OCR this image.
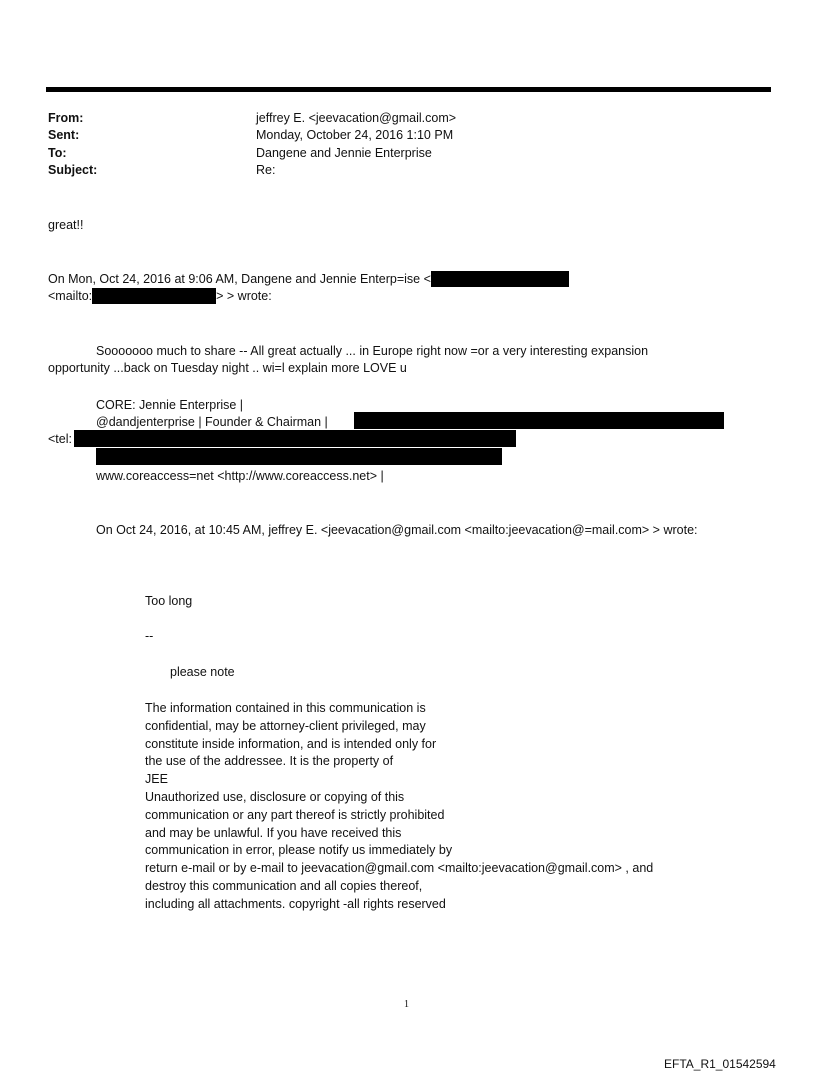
From:	jeffrey E. <jeevacation@gmail.com>
Sent:	Monday, October 24, 2016 1:10 PM
To:	Dangene and Jennie Enterprise
Subject:	Re:
great!!
On Mon, Oct 24, 2016 at 9:06 AM, Dangene and Jennie Enterp=ise <
<mailto:	> > wrote:
Sooooooo much to share -- All great actually ... in Europe right now =or a very interesting expansion
opportunity ...back on Tuesday night .. wi=l explain more LOVE u
CORE: Jennie Enterprise |
@dandjenterprise | Founder & Chairman |
<tel:
www.coreaccess=net <http://www.coreaccess.net> |
On Oct 24, 2016, at 10:45 AM, jeffrey E. <jeevacation@gmail.com <mailto:jeevacation@=mail.com> > wrote:
Too long
--
please note
The information contained in this communication is
confidential, may be attorney-client privileged, may
constitute inside information, and is intended only for
the use of the addressee. It is the property of
JEE
Unauthorized use, disclosure or copying of this
communication or any part thereof is strictly prohibited
and may be unlawful. If you have received this
communication in error, please notify us immediately by
return e-mail or by e-mail to jeevacation@gmail.com <mailto:jeevacation@gmail.com> , and
destroy this communication and all copies thereof,
including all attachments. copyright -all rights reserved
1
EFTA_R1_01542594
